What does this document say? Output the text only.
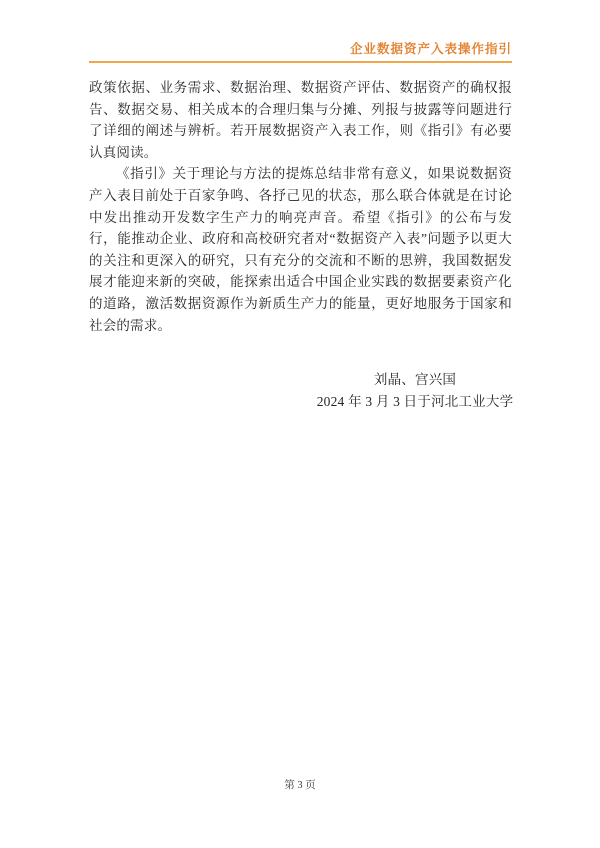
企业数据资产入表操作指引

政策依据、业务需求、数据治理、数据资产评估、数据资产的确权报告、数据交易、相关成本的合理归集与分摊、列报与披露等问题进行了详细的阐述与辨析。若开展数据资产入表工作，则《指引》有必要认真阅读。

《指引》关于理论与方法的提炼总结非常有意义，如果说数据资产入表目前处于百家争鸣、各抒己见的状态，那么联合体就是在讨论中发出推动开发数字生产力的响亮声音。希望《指引》的公布与发行，能推动企业、政府和高校研究者对“数据资产入表”问题予以更大的关注和更深入的研究，只有充分的交流和不断的思辨，我国数据发展才能迎来新的突破，能探索出适合中国企业实践的数据要素资产化的道路，激活数据资源作为新质生产力的能量，更好地服务于国家和社会的需求。

刘晶、宫兴国
2024 年 3 月 3 日于河北工业大学
第 3 页
